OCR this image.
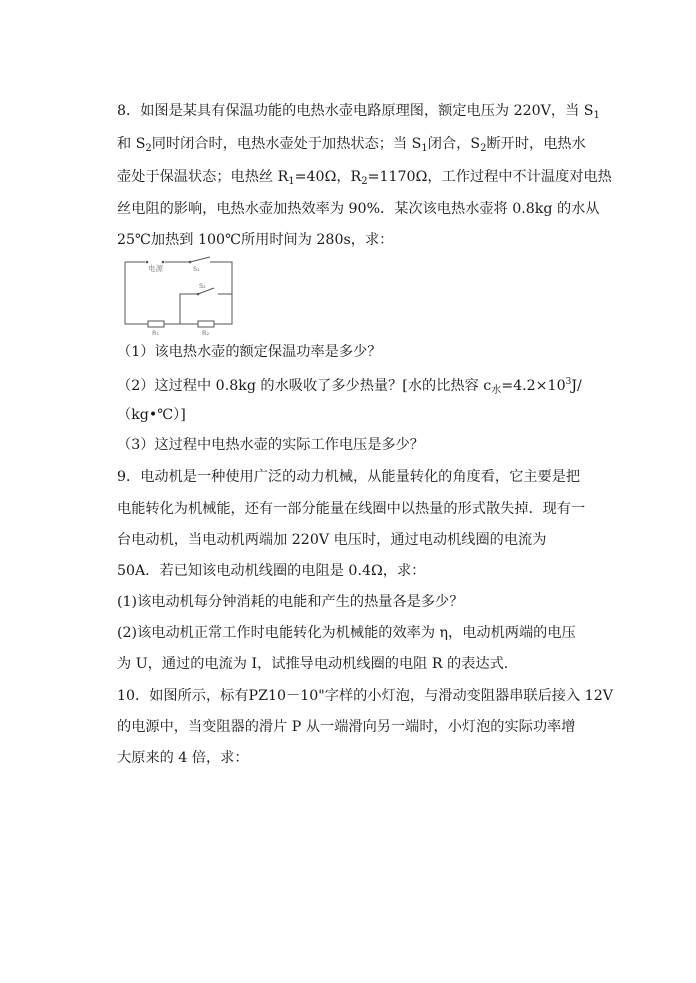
8．如图是某具有保温功能的电热水壶电路原理图，额定电压为 220V，当 $S_1$
和 $S_2$同时闭合时，电热水壶处于加热状态；当 $S_1$闭合，$S_2$断开时，电热水
壶处于保温状态；电热丝 $R_1=40\Omega$，$R_2=1170\Omega$，工作过程中不计温度对电热
丝电阻的影响，电热水壶加热效率为 90%．某次该电热水壶将 0.8kg 的水从
25℃加热到 100℃所用时间为 280s，求：
电源	S₁
S₂
R₁	R₂
（1）该电热水壶的额定保温功率是多少？
（2）这过程中 0.8kg 的水吸收了多少热量？[水的比热容 $c_水=4.2\times 10^3J/$
（kg•℃）]
（3）这过程中电热水壶的实际工作电压是多少？
9．电动机是一种使用广泛的动力机械，从能量转化的角度看，它主要是把
电能转化为机械能，还有一部分能量在线圈中以热量的形式散失掉．现有一
台电动机，当电动机两端加 220V 电压时，通过电动机线圈的电流为
50A．若已知该电动机线圈的电阻是 0.4Ω，求：
(1)该电动机每分钟消耗的电能和产生的热量各是多少？
(2)该电动机正常工作时电能转化为机械能的效率为 η，电动机两端的电压
为 U，通过的电流为 I，试推导电动机线圈的电阻 R 的表达式．
10．如图所示，标有PZ10－10"字样的小灯泡，与滑动变阻器串联后接入 12V
的电源中，当变阻器的滑片 P 从一端滑向另一端时，小灯泡的实际功率增
大原来的 4 倍，求：
